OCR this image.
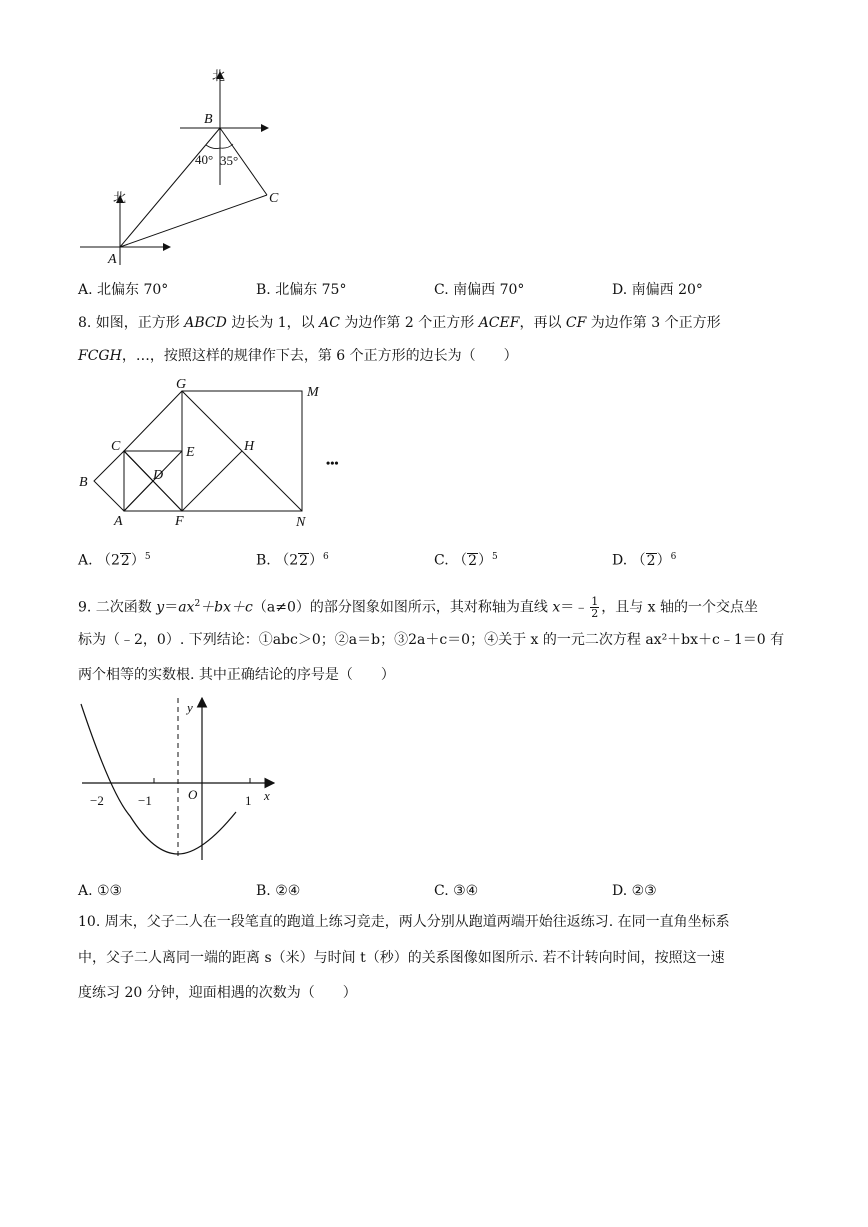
北
北
B
A
C
40° 35°
A. 北偏东 70°	B. 北偏东 75°	C. 南偏西 70°	D. 南偏西 20°
8. 如图，正方形 ABCD 边长为 1，以 AC 为边作第 2 个正方形 ACEF，再以 CF 为边作第 3 个正方形
FCGH，…，按照这样的规律作下去，第 6 个正方形的边长为（　　）
G
M
C	E	H
B	D
A	F	N
•••
A. $(22)^5$	B. $(22)^6$	C. $(2)^5$	D. $(2)^6$
9. 二次函数 $y=ax^2+bx+c(a\ne 0)$的部分图象如图所示，其对称轴为直线 x＝﹣ $\frac{1}{2}$ ，且与 x 轴的一个交点坐
标为（﹣2，0）. 下列结论：①abc＞0；②a＝b；③2a＋c＝0；④关于 x 的一元二次方程 ax²＋bx＋c﹣1＝0 有
两个相等的实数根. 其中正确结论的序号是（　　）
y
x
O
−2	−1	1
A. ①③	B. ②④	C. ③④	D. ②③
10. 周末，父子二人在一段笔直的跑道上练习竞走，两人分别从跑道两端开始往返练习. 在同一直角坐标系
中，父子二人离同一端的距离 s（米）与时间 t（秒）的关系图像如图所示. 若不计转向时间，按照这一速
度练习 20 分钟，迎面相遇的次数为（　　）
